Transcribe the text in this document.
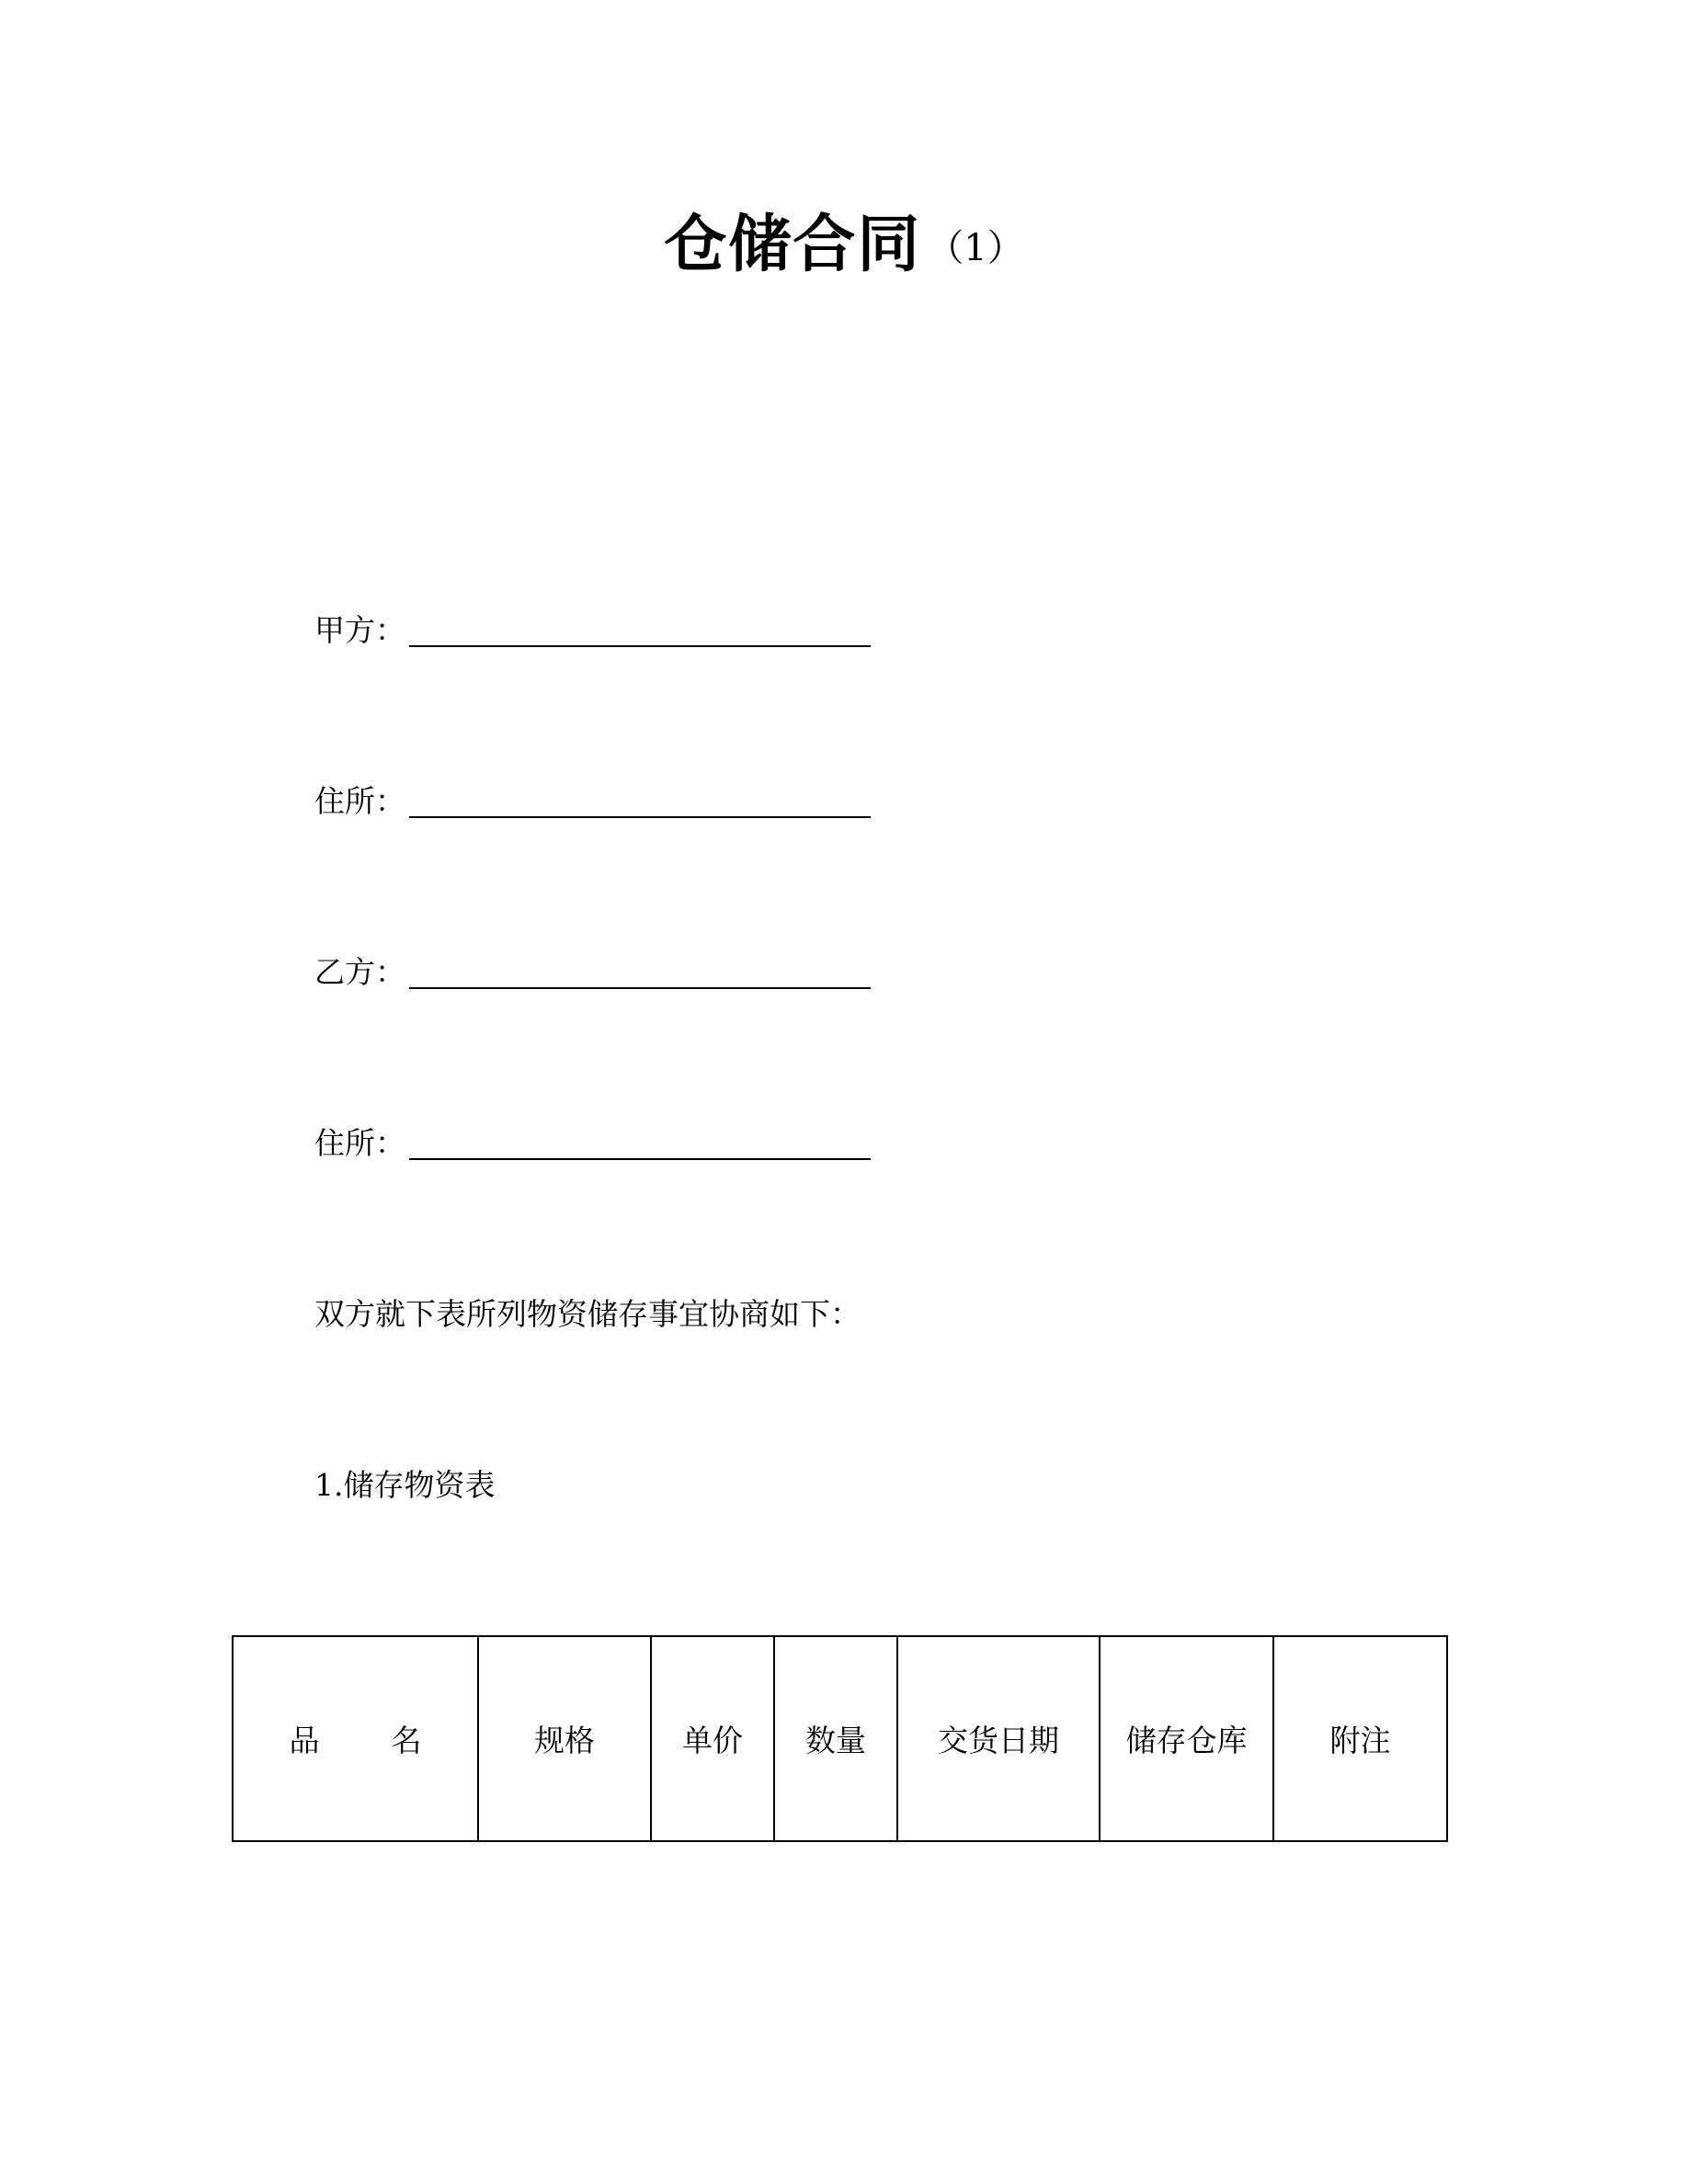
仓储合同 （1）
甲方：
住所：
乙方：
住所：
双方就下表所列物资储存事宜协商如下：
1.储存物资表
品 名	规格	单价	数量	交货日期	储存仓库	附注
